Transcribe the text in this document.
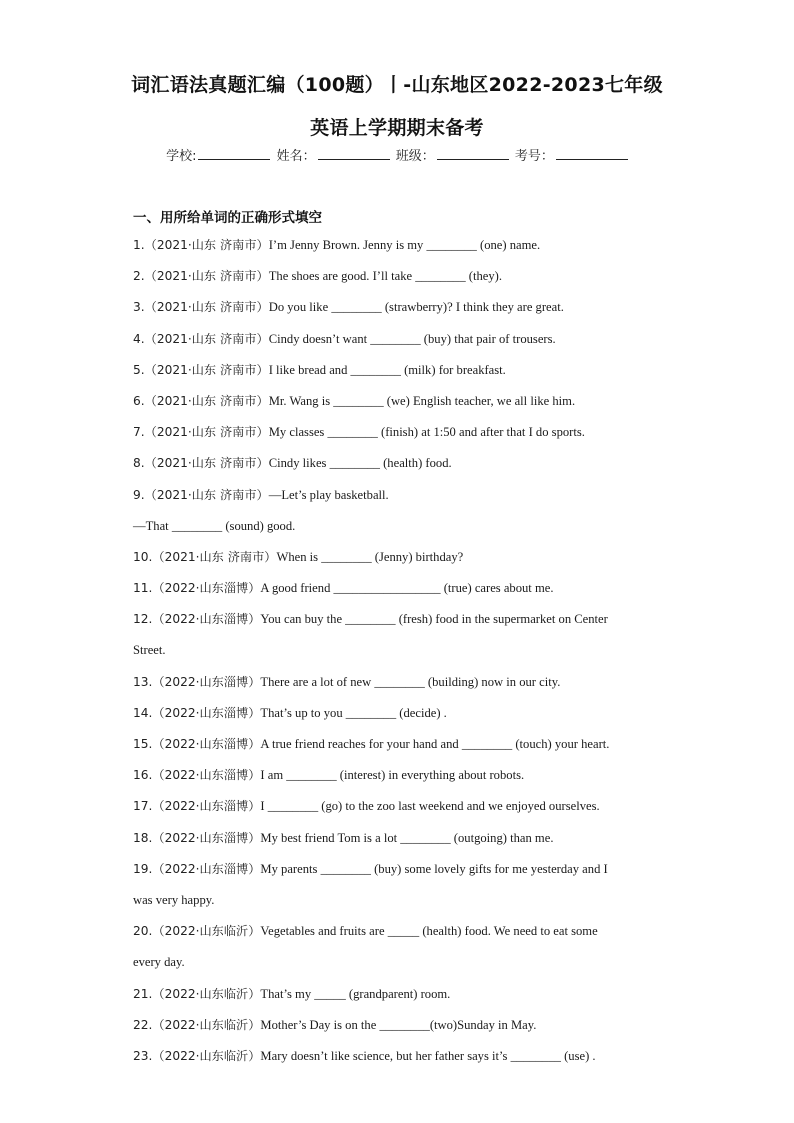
词汇语法真题汇编（100题）丨-山东地区2022-2023七年级
英语上学期期末备考
学校:	姓名：	班级：	考号：
一、用所给单词的正确形式填空
1.（2021·山东 济南市）I’m Jenny Brown. Jenny is my ________ (one) name.
2.（2021·山东 济南市）The shoes are good. I’ll take ________ (they).
3.（2021·山东 济南市）Do you like ________ (strawberry)? I think they are great.
4.（2021·山东 济南市）Cindy doesn’t want ________ (buy) that pair of trousers.
5.（2021·山东 济南市）I like bread and ________ (milk) for breakfast.
6.（2021·山东 济南市）Mr. Wang is ________ (we) English teacher, we all like him.
7.（2021·山东 济南市）My classes ________ (finish) at 1:50 and after that I do sports.
8.（2021·山东 济南市）Cindy likes ________ (health) food.
9.（2021·山东 济南市）—Let’s play basketball.
—That ________ (sound) good.
10.（2021·山东 济南市）When is ________ (Jenny) birthday?
11.（2022·山东淄博）A good friend _________________ (true) cares about me.
12.（2022·山东淄博）You can buy the ________ (fresh) food in the supermarket on Center
Street.
13.（2022·山东淄博）There are a lot of new ________ (building) now in our city.
14.（2022·山东淄博）That’s up to you ________ (decide) .
15.（2022·山东淄博）A true friend reaches for your hand and ________ (touch) your heart.
16.（2022·山东淄博）I am ________ (interest) in everything about robots.
17.（2022·山东淄博）I ________ (go) to the zoo last weekend and we enjoyed ourselves.
18.（2022·山东淄博）My best friend Tom is a lot ________ (outgoing) than me.
19.（2022·山东淄博）My parents ________ (buy) some lovely gifts for me yesterday and I
was very happy.
20.（2022·山东临沂）Vegetables and fruits are _____ (health) food. We need to eat some
every day.
21.（2022·山东临沂）That’s my _____ (grandparent) room.
22.（2022·山东临沂）Mother’s Day is on the ________(two)Sunday in May.
23.（2022·山东临沂）Mary doesn’t like science, but her father says it’s ________ (use) .
